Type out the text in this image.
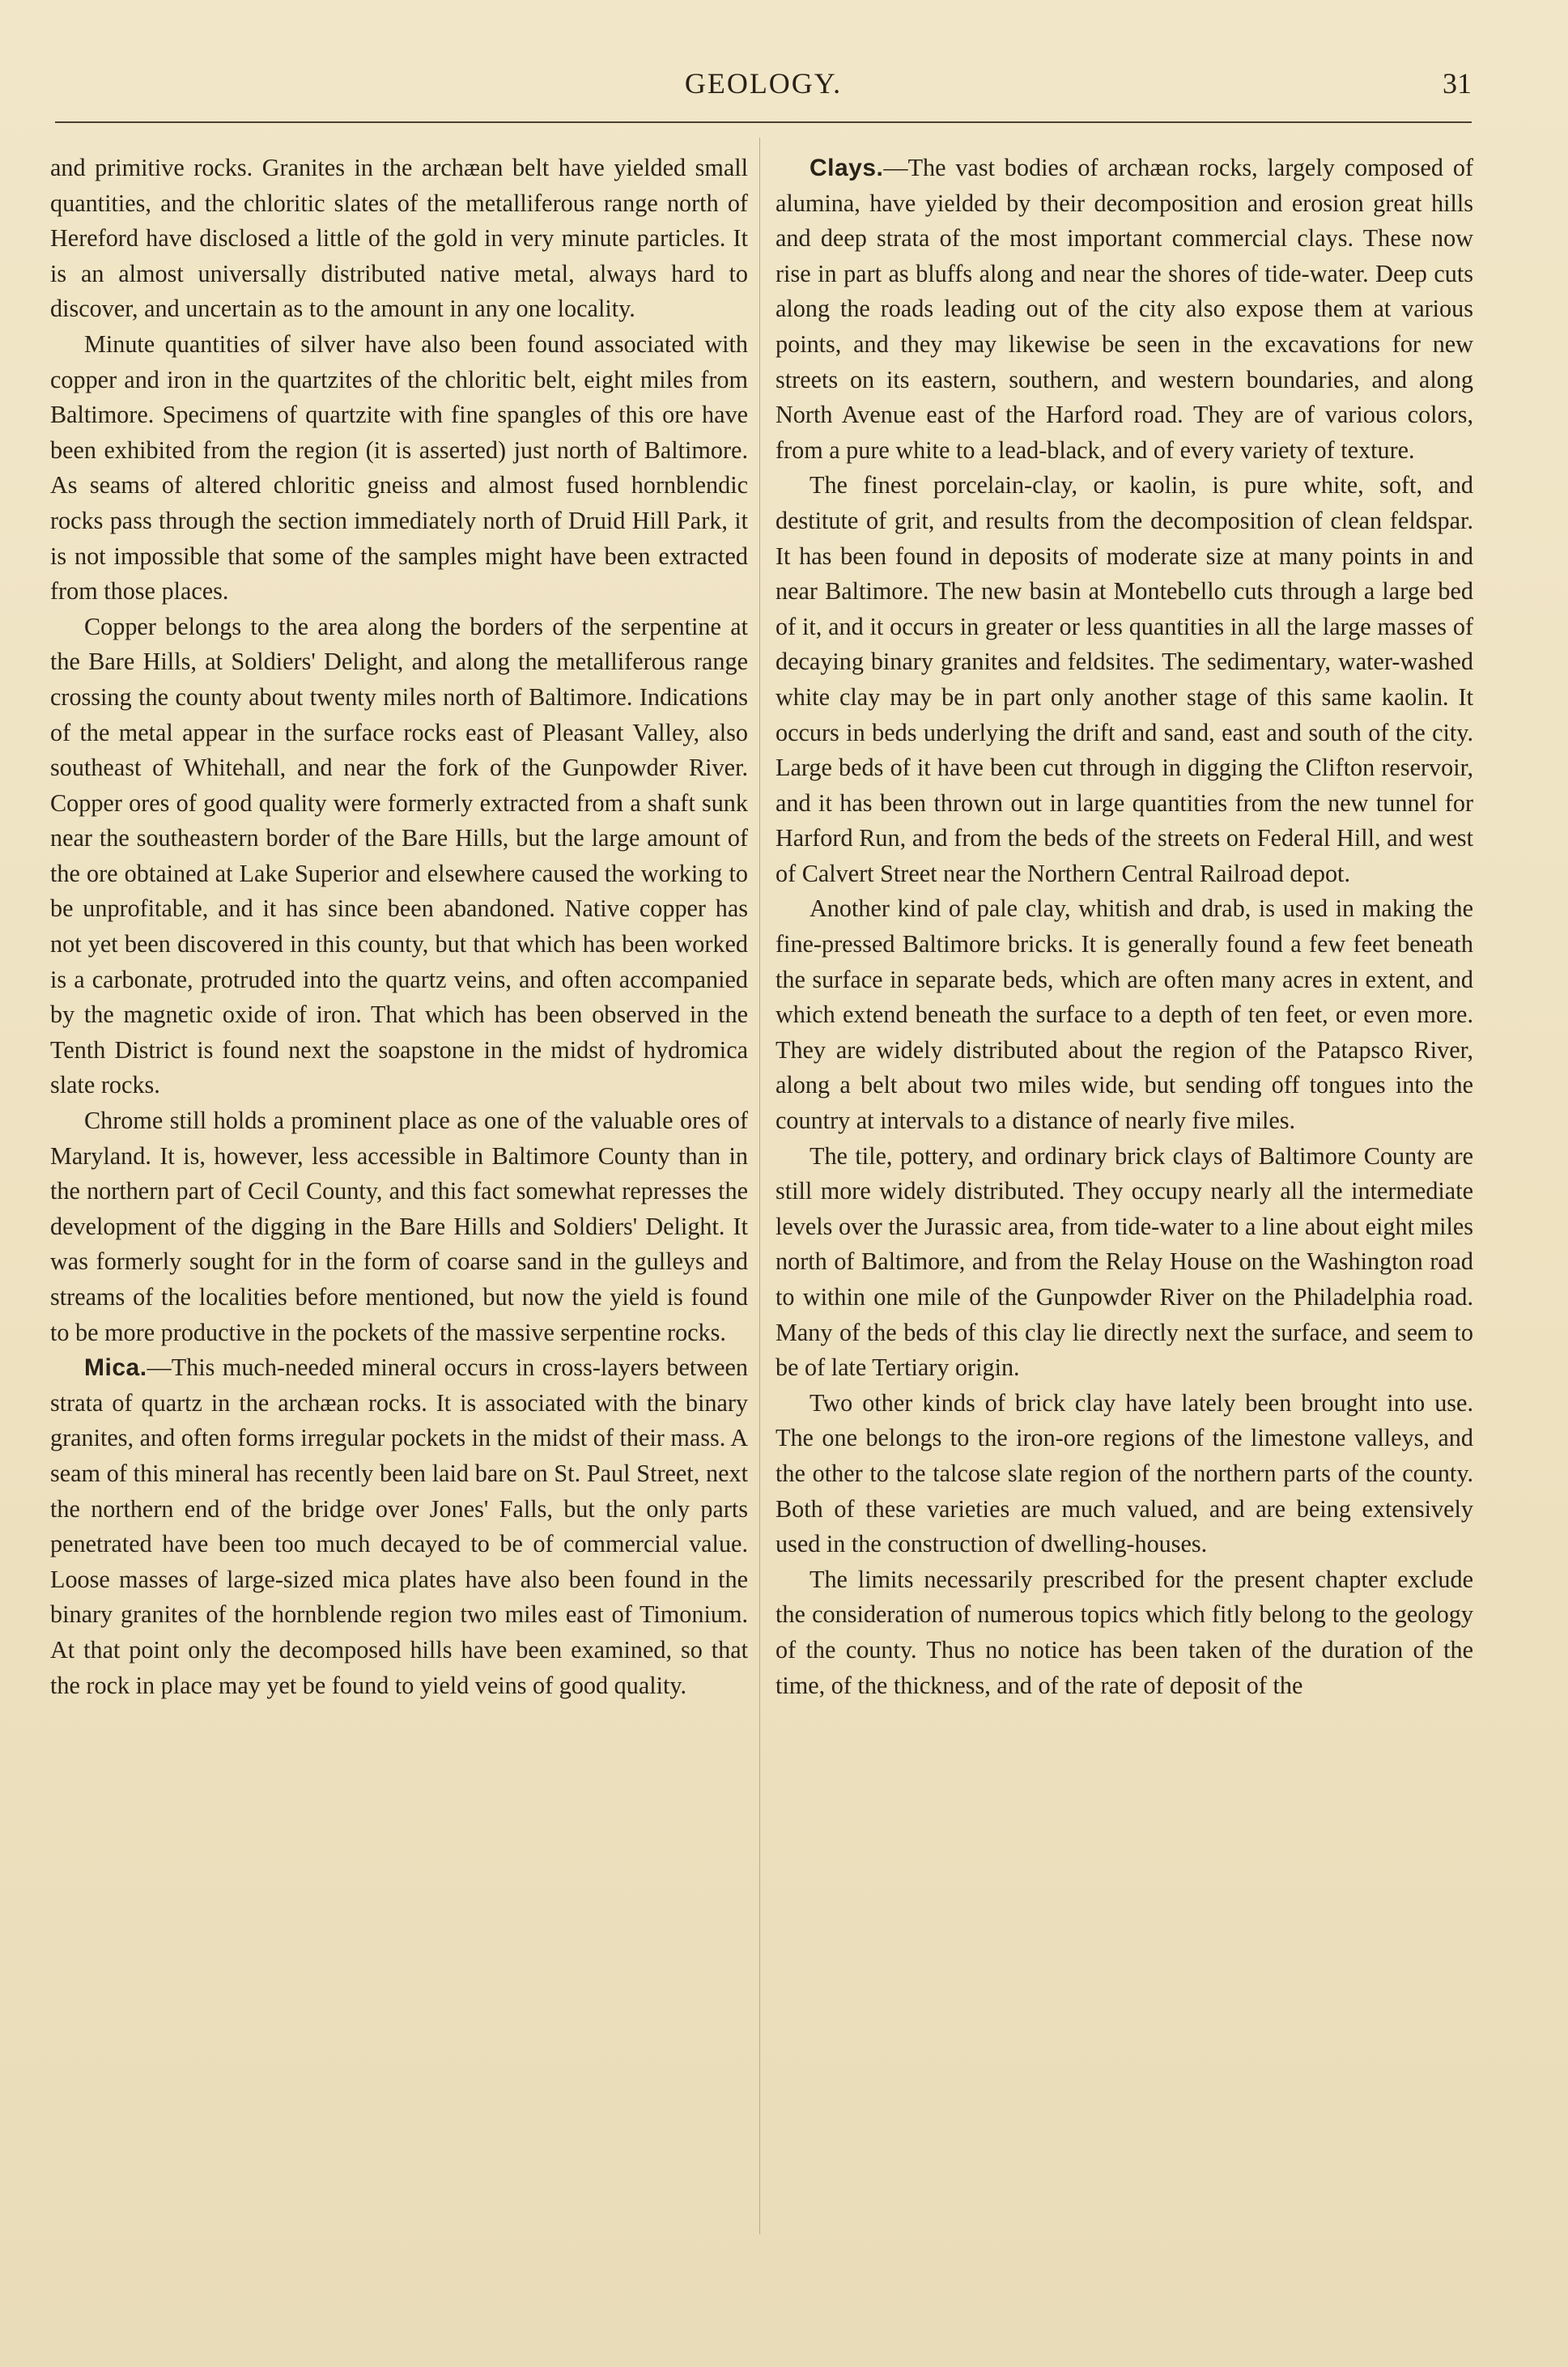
GEOLOGY.	31

and primitive rocks. Granites in the archæan belt have yielded small quantities, and the chloritic slates of the metalliferous range north of Hereford have disclosed a little of the gold in very minute particles. It is an almost universally distributed native metal, always hard to discover, and uncertain as to the amount in any one locality.

Minute quantities of silver have also been found associated with copper and iron in the quartzites of the chloritic belt, eight miles from Baltimore. Specimens of quartzite with fine spangles of this ore have been exhibited from the region (it is asserted) just north of Baltimore. As seams of altered chloritic gneiss and almost fused hornblendic rocks pass through the section immediately north of Druid Hill Park, it is not impossible that some of the samples might have been extracted from those places.

Copper belongs to the area along the borders of the serpentine at the Bare Hills, at Soldiers' Delight, and along the metalliferous range crossing the county about twenty miles north of Baltimore. Indications of the metal appear in the surface rocks east of Pleasant Valley, also southeast of Whitehall, and near the fork of the Gunpowder River. Copper ores of good quality were formerly extracted from a shaft sunk near the southeastern border of the Bare Hills, but the large amount of the ore obtained at Lake Superior and elsewhere caused the working to be unprofitable, and it has since been abandoned. Native copper has not yet been discovered in this county, but that which has been worked is a carbonate, protruded into the quartz veins, and often accompanied by the magnetic oxide of iron. That which has been observed in the Tenth District is found next the soapstone in the midst of hydromica slate rocks.

Chrome still holds a prominent place as one of the valuable ores of Maryland. It is, however, less accessible in Baltimore County than in the northern part of Cecil County, and this fact somewhat represses the development of the digging in the Bare Hills and Soldiers' Delight. It was formerly sought for in the form of coarse sand in the gulleys and streams of the localities before mentioned, but now the yield is found to be more productive in the pockets of the massive serpentine rocks.

Mica.—This much-needed mineral occurs in cross-layers between strata of quartz in the archæan rocks. It is associated with the binary granites, and often forms irregular pockets in the midst of their mass. A seam of this mineral has recently been laid bare on St. Paul Street, next the northern end of the bridge over Jones' Falls, but the only parts penetrated have been too much decayed to be of commercial value. Loose masses of large-sized mica plates have also been found in the binary granites of the hornblende region two miles east of Timonium. At that point only the decomposed hills have been examined, so that the rock in place may yet be found to yield veins of good quality.

Clays.—The vast bodies of archæan rocks, largely composed of alumina, have yielded by their decomposition and erosion great hills and deep strata of the most important commercial clays. These now rise in part as bluffs along and near the shores of tide-water. Deep cuts along the roads leading out of the city also expose them at various points, and they may likewise be seen in the excavations for new streets on its eastern, southern, and western boundaries, and along North Avenue east of the Harford road. They are of various colors, from a pure white to a lead-black, and of every variety of texture.

The finest porcelain-clay, or kaolin, is pure white, soft, and destitute of grit, and results from the decomposition of clean feldspar. It has been found in deposits of moderate size at many points in and near Baltimore. The new basin at Montebello cuts through a large bed of it, and it occurs in greater or less quantities in all the large masses of decaying binary granites and feldsites. The sedimentary, water-washed white clay may be in part only another stage of this same kaolin. It occurs in beds underlying the drift and sand, east and south of the city. Large beds of it have been cut through in digging the Clifton reservoir, and it has been thrown out in large quantities from the new tunnel for Harford Run, and from the beds of the streets on Federal Hill, and west of Calvert Street near the Northern Central Railroad depot.

Another kind of pale clay, whitish and drab, is used in making the fine-pressed Baltimore bricks. It is generally found a few feet beneath the surface in separate beds, which are often many acres in extent, and which extend beneath the surface to a depth of ten feet, or even more. They are widely distributed about the region of the Patapsco River, along a belt about two miles wide, but sending off tongues into the country at intervals to a distance of nearly five miles.

The tile, pottery, and ordinary brick clays of Baltimore County are still more widely distributed. They occupy nearly all the intermediate levels over the Jurassic area, from tide-water to a line about eight miles north of Baltimore, and from the Relay House on the Washington road to within one mile of the Gunpowder River on the Philadelphia road. Many of the beds of this clay lie directly next the surface, and seem to be of late Tertiary origin.

Two other kinds of brick clay have lately been brought into use. The one belongs to the iron-ore regions of the limestone valleys, and the other to the talcose slate region of the northern parts of the county. Both of these varieties are much valued, and are being extensively used in the construction of dwelling-houses.

The limits necessarily prescribed for the present chapter exclude the consideration of numerous topics which fitly belong to the geology of the county. Thus no notice has been taken of the duration of the time, of the thickness, and of the rate of deposit of the
